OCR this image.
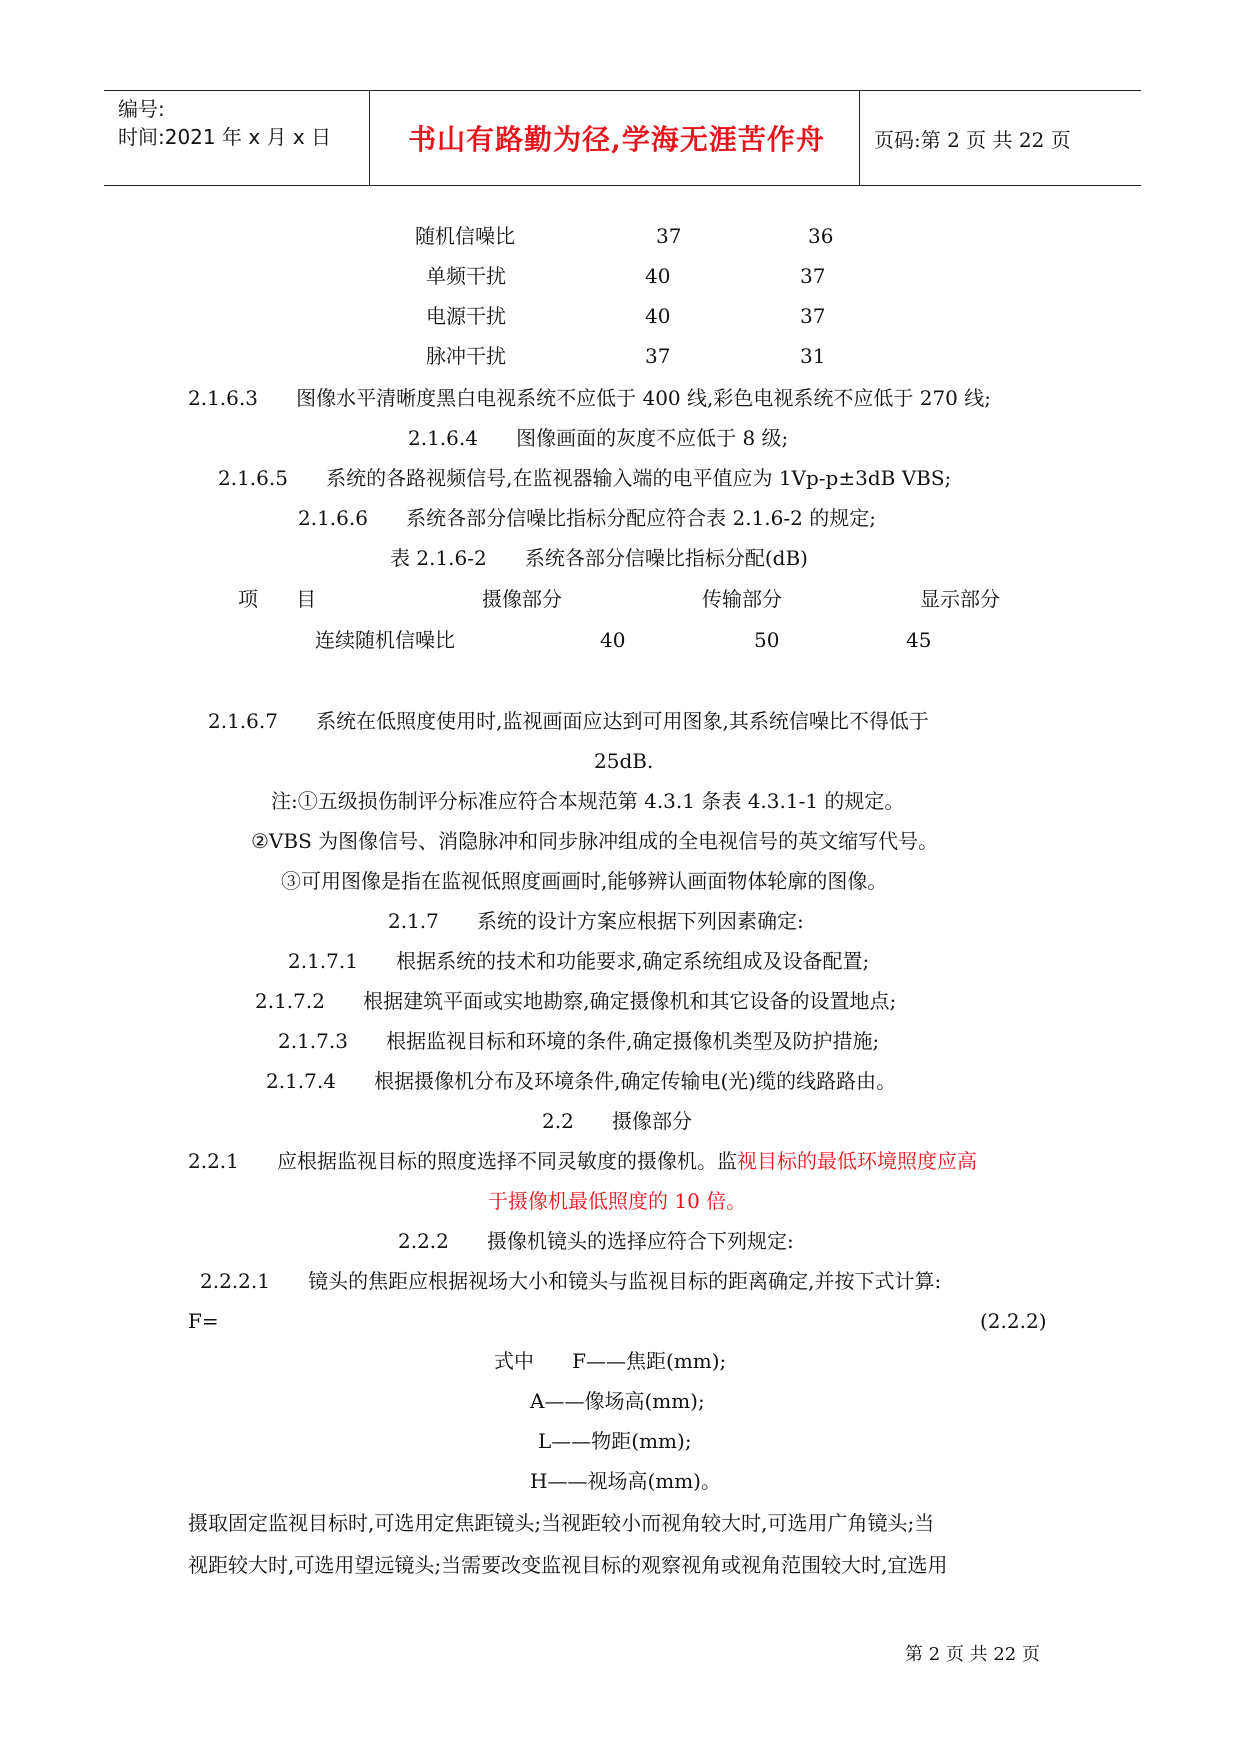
编号:
时间:2021 年 x 月 x 日	书山有路勤为径,学海无涯苦作舟	页码:第 2 页 共 22 页
随机信噪比	37	36
单频干扰	40	37
电源干扰	40	37
脉冲干扰	37	31
2.1.6.3      图像水平清晰度黑白电视系统不应低于 400 线,彩色电视系统不应低于 270 线;
2.1.6.4      图像画面的灰度不应低于 8 级;
2.1.6.5      系统的各路视频信号,在监视器输入端的电平值应为 1Vp-p±3dB VBS;
2.1.6.6      系统各部分信噪比指标分配应符合表 2.1.6-2 的规定;
表 2.1.6-2      系统各部分信噪比指标分配(dB)
项      目	摄像部分	传输部分	显示部分
连续随机信噪比	40	50	45
2.1.6.7      系统在低照度使用时,监视画面应达到可用图象,其系统信噪比不得低于
25dB.
注:①五级损伤制评分标准应符合本规范第 4.3.1 条表 4.3.1-1 的规定。
②VBS 为图像信号、消隐脉冲和同步脉冲组成的全电视信号的英文缩写代号。
③可用图像是指在监视低照度画画时,能够辨认画面物体轮廓的图像。
2.1.7      系统的设计方案应根据下列因素确定:
2.1.7.1      根据系统的技术和功能要求,确定系统组成及设备配置;
2.1.7.2      根据建筑平面或实地勘察,确定摄像机和其它设备的设置地点;
2.1.7.3      根据监视目标和环境的条件,确定摄像机类型及防护措施;
2.1.7.4      根据摄像机分布及环境条件,确定传输电(光)缆的线路路由。
2.2      摄像部分
2.2.1      应根据监视目标的照度选择不同灵敏度的摄像机。监视目标的最低环境照度应高
于摄像机最低照度的 10 倍。
2.2.2      摄像机镜头的选择应符合下列规定:
2.2.2.1      镜头的焦距应根据视场大小和镜头与监视目标的距离确定,并按下式计算:
F=	(2.2.2)
式中      F——焦距(mm);
A——像场高(mm);
L——物距(mm);
H——视场高(mm)。
摄取固定监视目标时,可选用定焦距镜头;当视距较小而视角较大时,可选用广角镜头;当
视距较大时,可选用望远镜头;当需要改变监视目标的观察视角或视角范围较大时,宜选用
第 2 页 共 22 页
